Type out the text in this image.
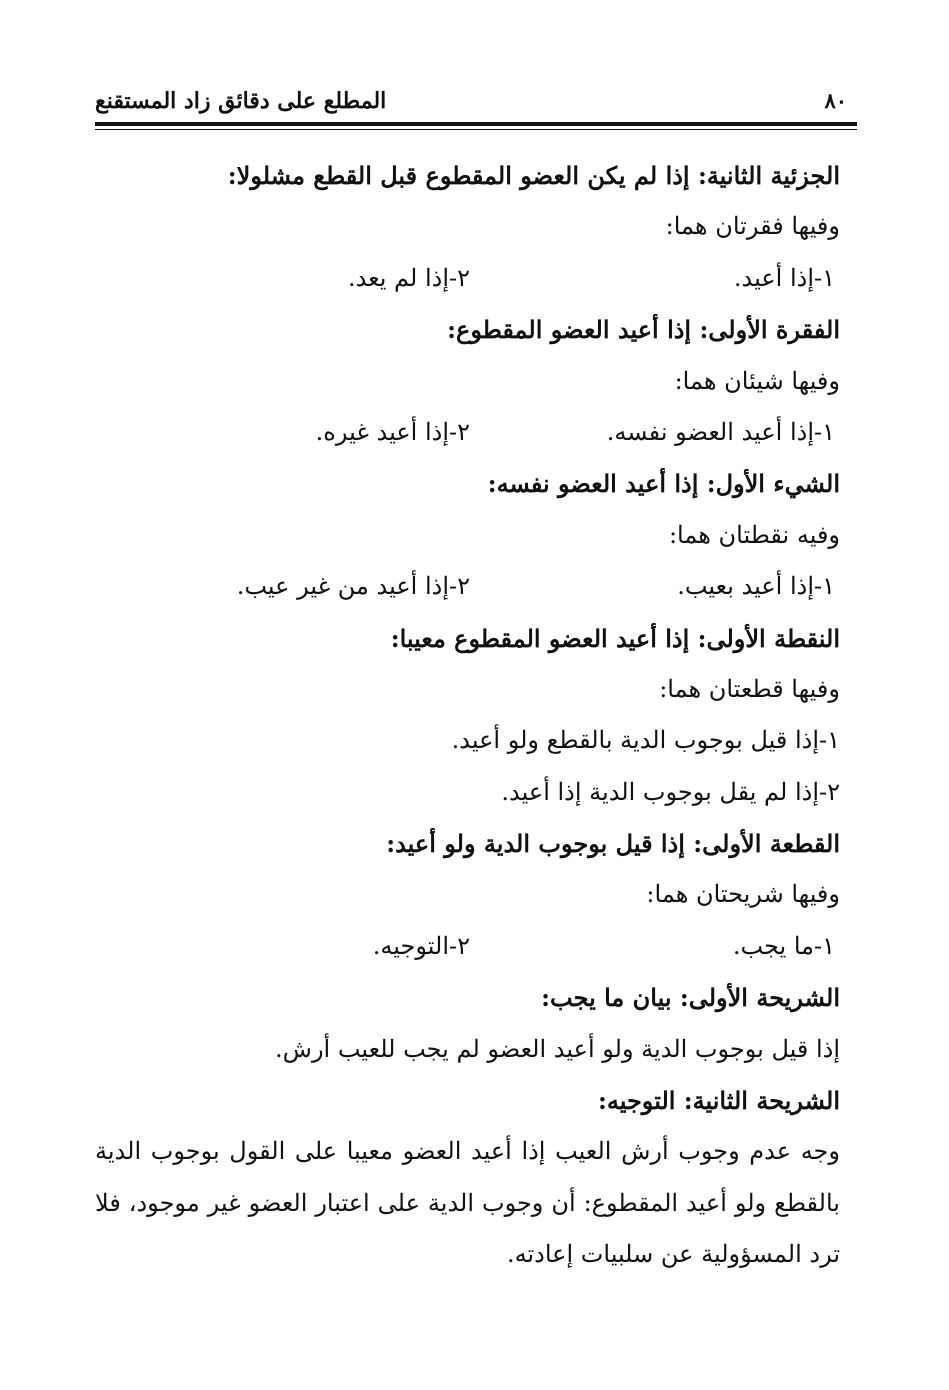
٨٠
المطلع على دقائق زاد المستقنع
الجزئية الثانية: إذا لم يكن العضو المقطوع قبل القطع مشلولا:
وفيها فقرتان هما:
١-إذا أعيد.
٢-إذا لم يعد.
الفقرة الأولى: إذا أعيد العضو المقطوع:
وفيها شيئان هما:
١-إذا أعيد العضو نفسه.
٢-إذا أعيد غيره.
الشيء الأول: إذا أعيد العضو نفسه:
وفيه نقطتان هما:
١-إذا أعيد بعيب.
٢-إذا أعيد من غير عيب.
النقطة الأولى: إذا أعيد العضو المقطوع معيبا:
وفيها قطعتان هما:
١-إذا قيل بوجوب الدية بالقطع ولو أعيد.
٢-إذا لم يقل بوجوب الدية إذا أعيد.
القطعة الأولى: إذا قيل بوجوب الدية ولو أعيد:
وفيها شريحتان هما:
١-ما يجب.
٢-التوجيه.
الشريحة الأولى: بيان ما يجب:
إذا قيل بوجوب الدية ولو أعيد العضو لم يجب للعيب أرش.
الشريحة الثانية: التوجيه:
وجه عدم وجوب أرش العيب إذا أعيد العضو معيبا على القول بوجوب الدية بالقطع ولو أعيد المقطوع: أن وجوب الدية على اعتبار العضو غير موجود، فلا ترد المسؤولية عن سلبيات إعادته.
